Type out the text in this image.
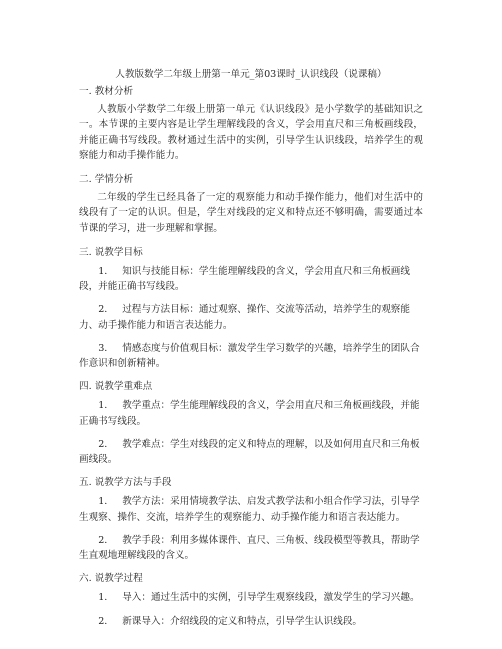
人教版数学二年级上册第一单元_第03课时_认识线段（说课稿）
一. 教材分析

人教版小学数学二年级上册第一单元《认识线段》是小学数学的基础知识之一。本节课的主要内容是让学生理解线段的含义，学会用直尺和三角板画线段，并能正确书写线段。教材通过生活中的实例，引导学生认识线段，培养学生的观察能力和动手操作能力。

二. 学情分析

二年级的学生已经具备了一定的观察能力和动手操作能力，他们对生活中的线段有了一定的认识。但是，学生对线段的定义和特点还不够明确，需要通过本节课的学习，进一步理解和掌握。

三. 说教学目标

1. 知识与技能目标：学生能理解线段的含义，学会用直尺和三角板画线段，并能正确书写线段。

2. 过程与方法目标：通过观察、操作、交流等活动，培养学生的观察能力、动手操作能力和语言表达能力。

3. 情感态度与价值观目标：激发学生学习数学的兴趣，培养学生的团队合作意识和创新精神。

四. 说教学重难点

1. 教学重点：学生能理解线段的含义，学会用直尺和三角板画线段，并能正确书写线段。

2. 教学难点：学生对线段的定义和特点的理解，以及如何用直尺和三角板画线段。

五. 说教学方法与手段

1. 教学方法：采用情境教学法、启发式教学法和小组合作学习法，引导学生观察、操作、交流，培养学生的观察能力、动手操作能力和语言表达能力。

2. 教学手段：利用多媒体课件、直尺、三角板、线段模型等教具，帮助学生直观地理解线段的含义。

六. 说教学过程

1. 导入：通过生活中的实例，引导学生观察线段，激发学生的学习兴趣。

2. 新课导入：介绍线段的定义和特点，引导学生认识线段。
